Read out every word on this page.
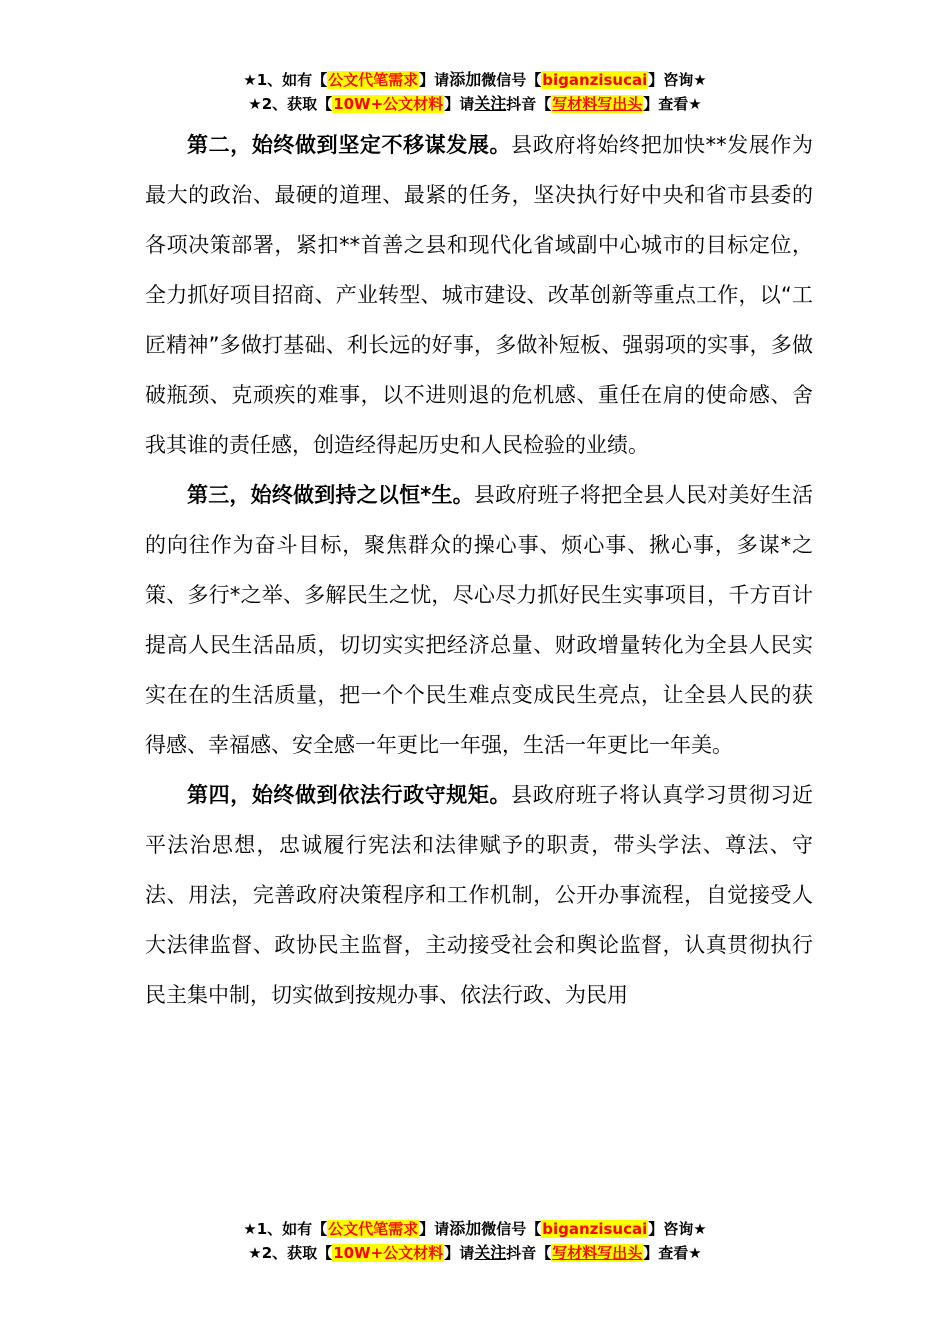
★1、如有【公文代笔需求】请添加微信号【biganzisucai】咨询★
★2、获取【10W+公文材料】请关注抖音【写材料写出头】查看★

第二，始终做到坚定不移谋发展。县政府将始终把加快**发展作为最大的政治、最硬的道理、最紧的任务，坚决执行好中央和省市县委的各项决策部署，紧扣**首善之县和现代化省域副中心城市的目标定位，全力抓好项目招商、产业转型、城市建设、改革创新等重点工作，以“工匠精神”多做打基础、利长远的好事，多做补短板、强弱项的实事，多做破瓶颈、克顽疾的难事，以不进则退的危机感、重任在肩的使命感、舍我其谁的责任感，创造经得起历史和人民检验的业绩。

第三，始终做到持之以恒*生。县政府班子将把全县人民对美好生活的向往作为奋斗目标，聚焦群众的操心事、烦心事、揪心事，多谋*之策、多行*之举、多解民生之忧，尽心尽力抓好民生实事项目，千方百计提高人民生活品质，切切实实把经济总量、财政增量转化为全县人民实实在在的生活质量，把一个个民生难点变成民生亮点，让全县人民的获得感、幸福感、安全感一年更比一年强，生活一年更比一年美。

第四，始终做到依法行政守规矩。县政府班子将认真学习贯彻习近平法治思想，忠诚履行宪法和法律赋予的职责，带头学法、尊法、守法、用法，完善政府决策程序和工作机制，公开办事流程，自觉接受人大法律监督、政协民主监督，主动接受社会和舆论监督，认真贯彻执行民主集中制，切实做到按规办事、依法行政、为民用

★1、如有【公文代笔需求】请添加微信号【biganzisucai】咨询★
★2、获取【10W+公文材料】请关注抖音【写材料写出头】查看★
